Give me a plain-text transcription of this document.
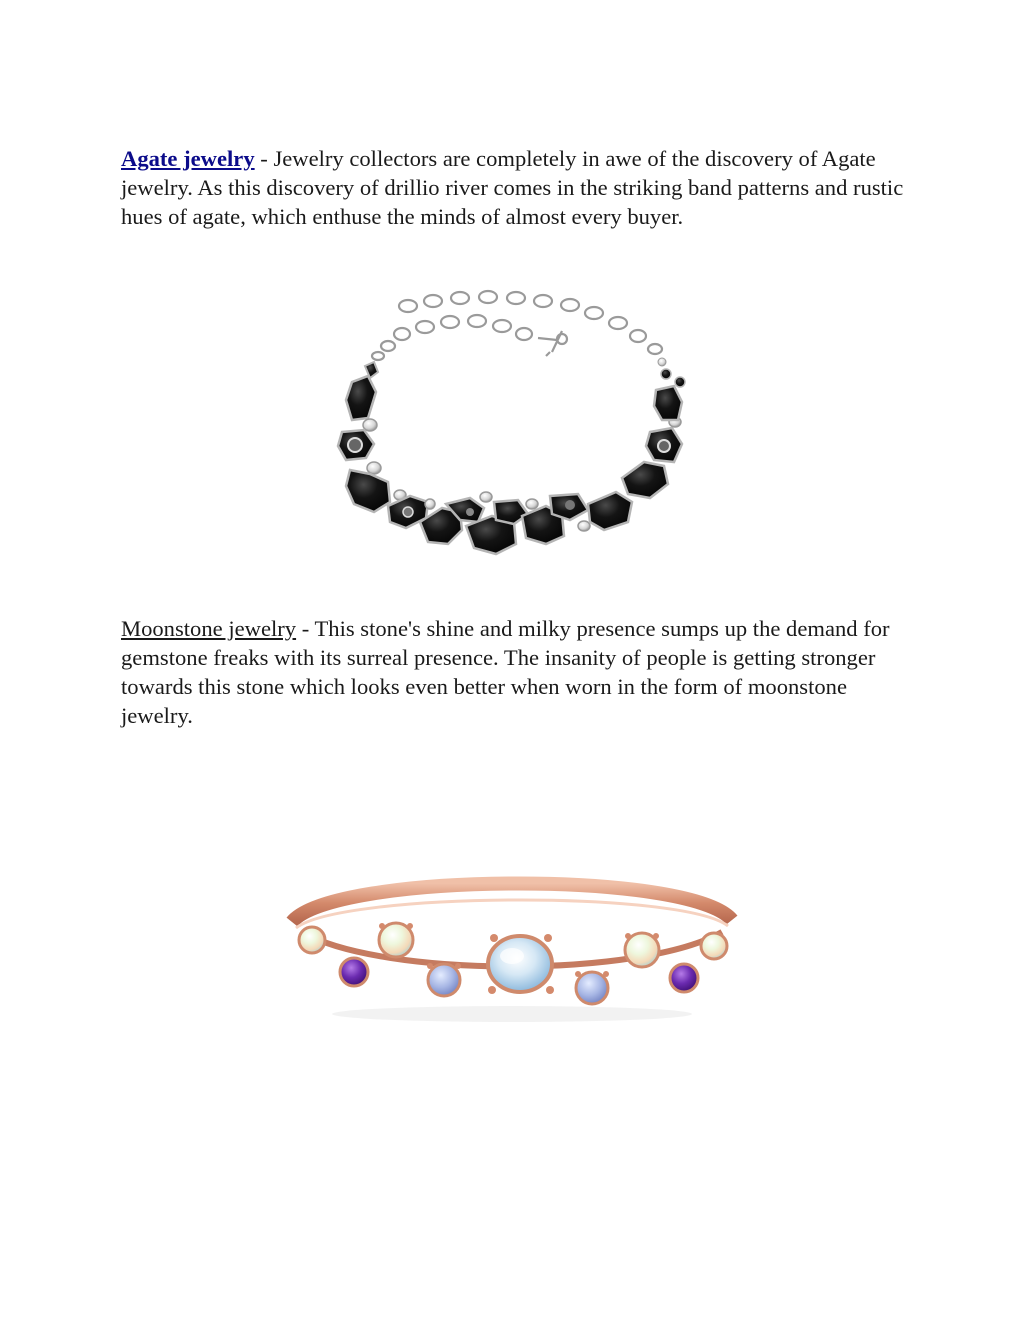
Agate jewelry - Jewelry collectors are completely in awe of the discovery of Agate jewelry. As this discovery of drillio river comes in the striking band patterns and rustic hues of agate, which enthuse the minds of almost every buyer.

Moonstone jewelry - This stone's shine and milky presence sumps up the demand for gemstone freaks with its surreal presence. The insanity of people is getting stronger towards this stone which looks even better when worn in the form of moonstone jewelry.
